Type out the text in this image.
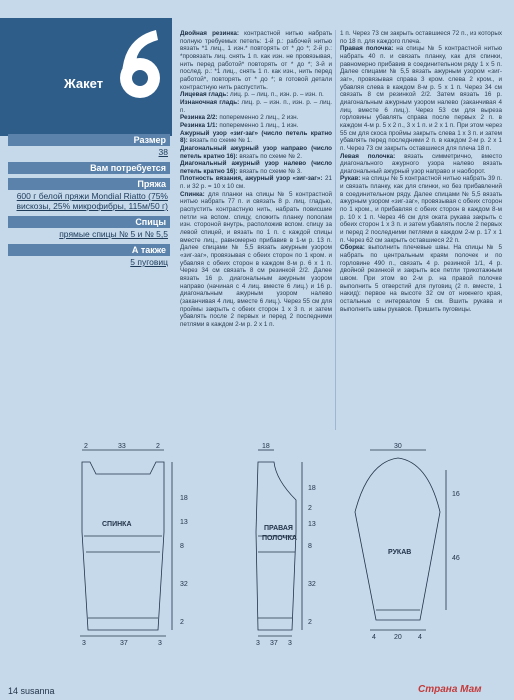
Жакет
Размер
38
Вам потребуется
Пряжа
600 г белой пряжи Mondial Riatto (75% вискозы, 25% микрофибры, 115м/50 г)
Спицы
прямые спицы № 5 и № 5,5
А также
5 пуговиц

Двойная резинка: контрастной нитью набрать полную требуемых петель: 1-й р.: рабочей нитью вязать *1 лиц., 1 изн.* повторять от * до *; 2-й р.: *провязать лиц. снять 1 п. как изн. не провязывая, нить перед работой* повторять от * до *; 3-й и послед. р.: *1 лиц., снять 1 п. как изн., нить перед работой*, повторять от * до *; в готовой детали контрастную нить распустить.

Лицевая гладь: лиц. р. – лиц. п., изн. р. – изн. п.

Изнаночная гладь: лиц. р. – изн. п., изн. р. – лиц. п.

Резинка 2/2: попеременно 2 лиц., 2 изн.

Резинка 1/1: попеременно 1 лиц., 1 изн.

Ажурный узор «зиг-заг» (число петель кратно 8): вязать по схеме № 1.

Диагональный ажурный узор направо (число петель кратно 16): вязать по схеме № 2.

Диагональный ажурный узор налево (число петель кратно 16): вязать по схеме № 3.

Плотность вязания, ажурный узор «зиг-заг»: 21 п. и 32 р. = 10 х 10 см.

Спинка: для планки на спицы № 5 контрастной нитью набрать 77 п. и связать 8 р. лиц. гладью, распустить контрастную нить, набрать повисшие петли на вспом. спицу, сложить планку пополам изн. стороной внутрь, расположив вспом. спицу за левой спицей, и вязать по 1 п. с каждой спицы вместе лиц., равномерно прибавив в 1-м р. 13 п. Далее спицами № 5,5 вязать ажурным узором «зиг-заг», провязывая с обеих сторон по 1 кром. и убавляя с обеих сторон в каждом 8-м р. 6 х 1 п. Через 34 см связать 8 см резинкой 2/2. Далее вязать 16 р. диагональным ажурным узором направо (начиная с 4 лиц. вместе 6 лиц.) и 16 р. диагональным ажурным узором налево (заканчивая 4 лиц. вместе 6 лиц.). Через 55 см для проймы закрыть с обеих сторон 1 х 3 п. и затем убавлять после 2 первых и перед 2 последними петлями в каждом 2-м р. 2 х 1 п.

1 п. Через 73 см закрыть оставшиеся 72 п., из которых по 18 п. для каждого плеча.

Правая полочка: на спицы № 5 контрастной нитью набрать 40 п. и связать планку, как для спинки, равномерно прибавив в соединительном ряду 1 х 5 п. Далее спицами № 5,5 вязать ажурным узором «зиг-заг», провязывая справа 3 кром. слева 2 кром., и убавляя слева в каждом 8-м р. 5 х 1 п. Через 34 см связать 8 см резинкой 2/2. Затем вязать 16 р. диагональным ажурным узором налево (заканчивая 4 лиц. вместе 6 лиц.). Через 53 см для выреза горловины убавлять справа после первых 2 п. в каждом 4-м р. 5 х 2 п., 3 х 1 п. и 2 х 1 п. При этом через 55 см для скоса проймы закрыть слева 1 х 3 п. и затем убавлять перед последними 2 п. в каждом 2-м р. 2 х 1 п. Через 73 см закрыть оставшиеся для плеча 18 п.

Левая полочка: вязать симметрично, вместо диагонального ажурного узора налево вязать диагональный ажурный узор направо и наоборот.

Рукав: на спицы № 5 контрастной нитью набрать 39 п. и связать планку, как для спинки, но без прибавлений в соединительном ряду. Далее спицами № 5,5 вязать ажурным узором «зиг-заг», провязывая с обеих сторон по 1 кром., и прибавляя с обеих сторон в каждом 8-м р. 10 х 1 п. Через 46 см для оката рукава закрыть с обеих сторон 1 х 3 п. и затем убавлять после 2 первых и перед 2 последними петлями в каждом 2-м р. 17 х 1 п. Через 62 см закрыть оставшиеся 22 п.

Сборка: выполнить плечевые швы. На спицы № 5 набрать по центральным краям полочек и по горловине 490 п., связать 4 р. резинкой 1/1, 4 р. двойной резинкой и закрыть все петли трикотажным швом. При этом во 2-м р. на правой полочке выполнить 5 отверстий для пуговиц (2 п. вместе, 1 накид): первое на высоте 32 см от нижнего края, остальные с интервалом 5 см. Вшить рукава и выполнить швы рукавов. Пришить пуговицы.

СПИНКА
ПРАВАЯ
ПОЛОЧКА
РУКАВ
2	33	2
18
13
8
32
2
3	37	3
18
18
2
13
8
32
2
3 37 3
30
16
46
4	20 4
14 susanna	Страна Мам
